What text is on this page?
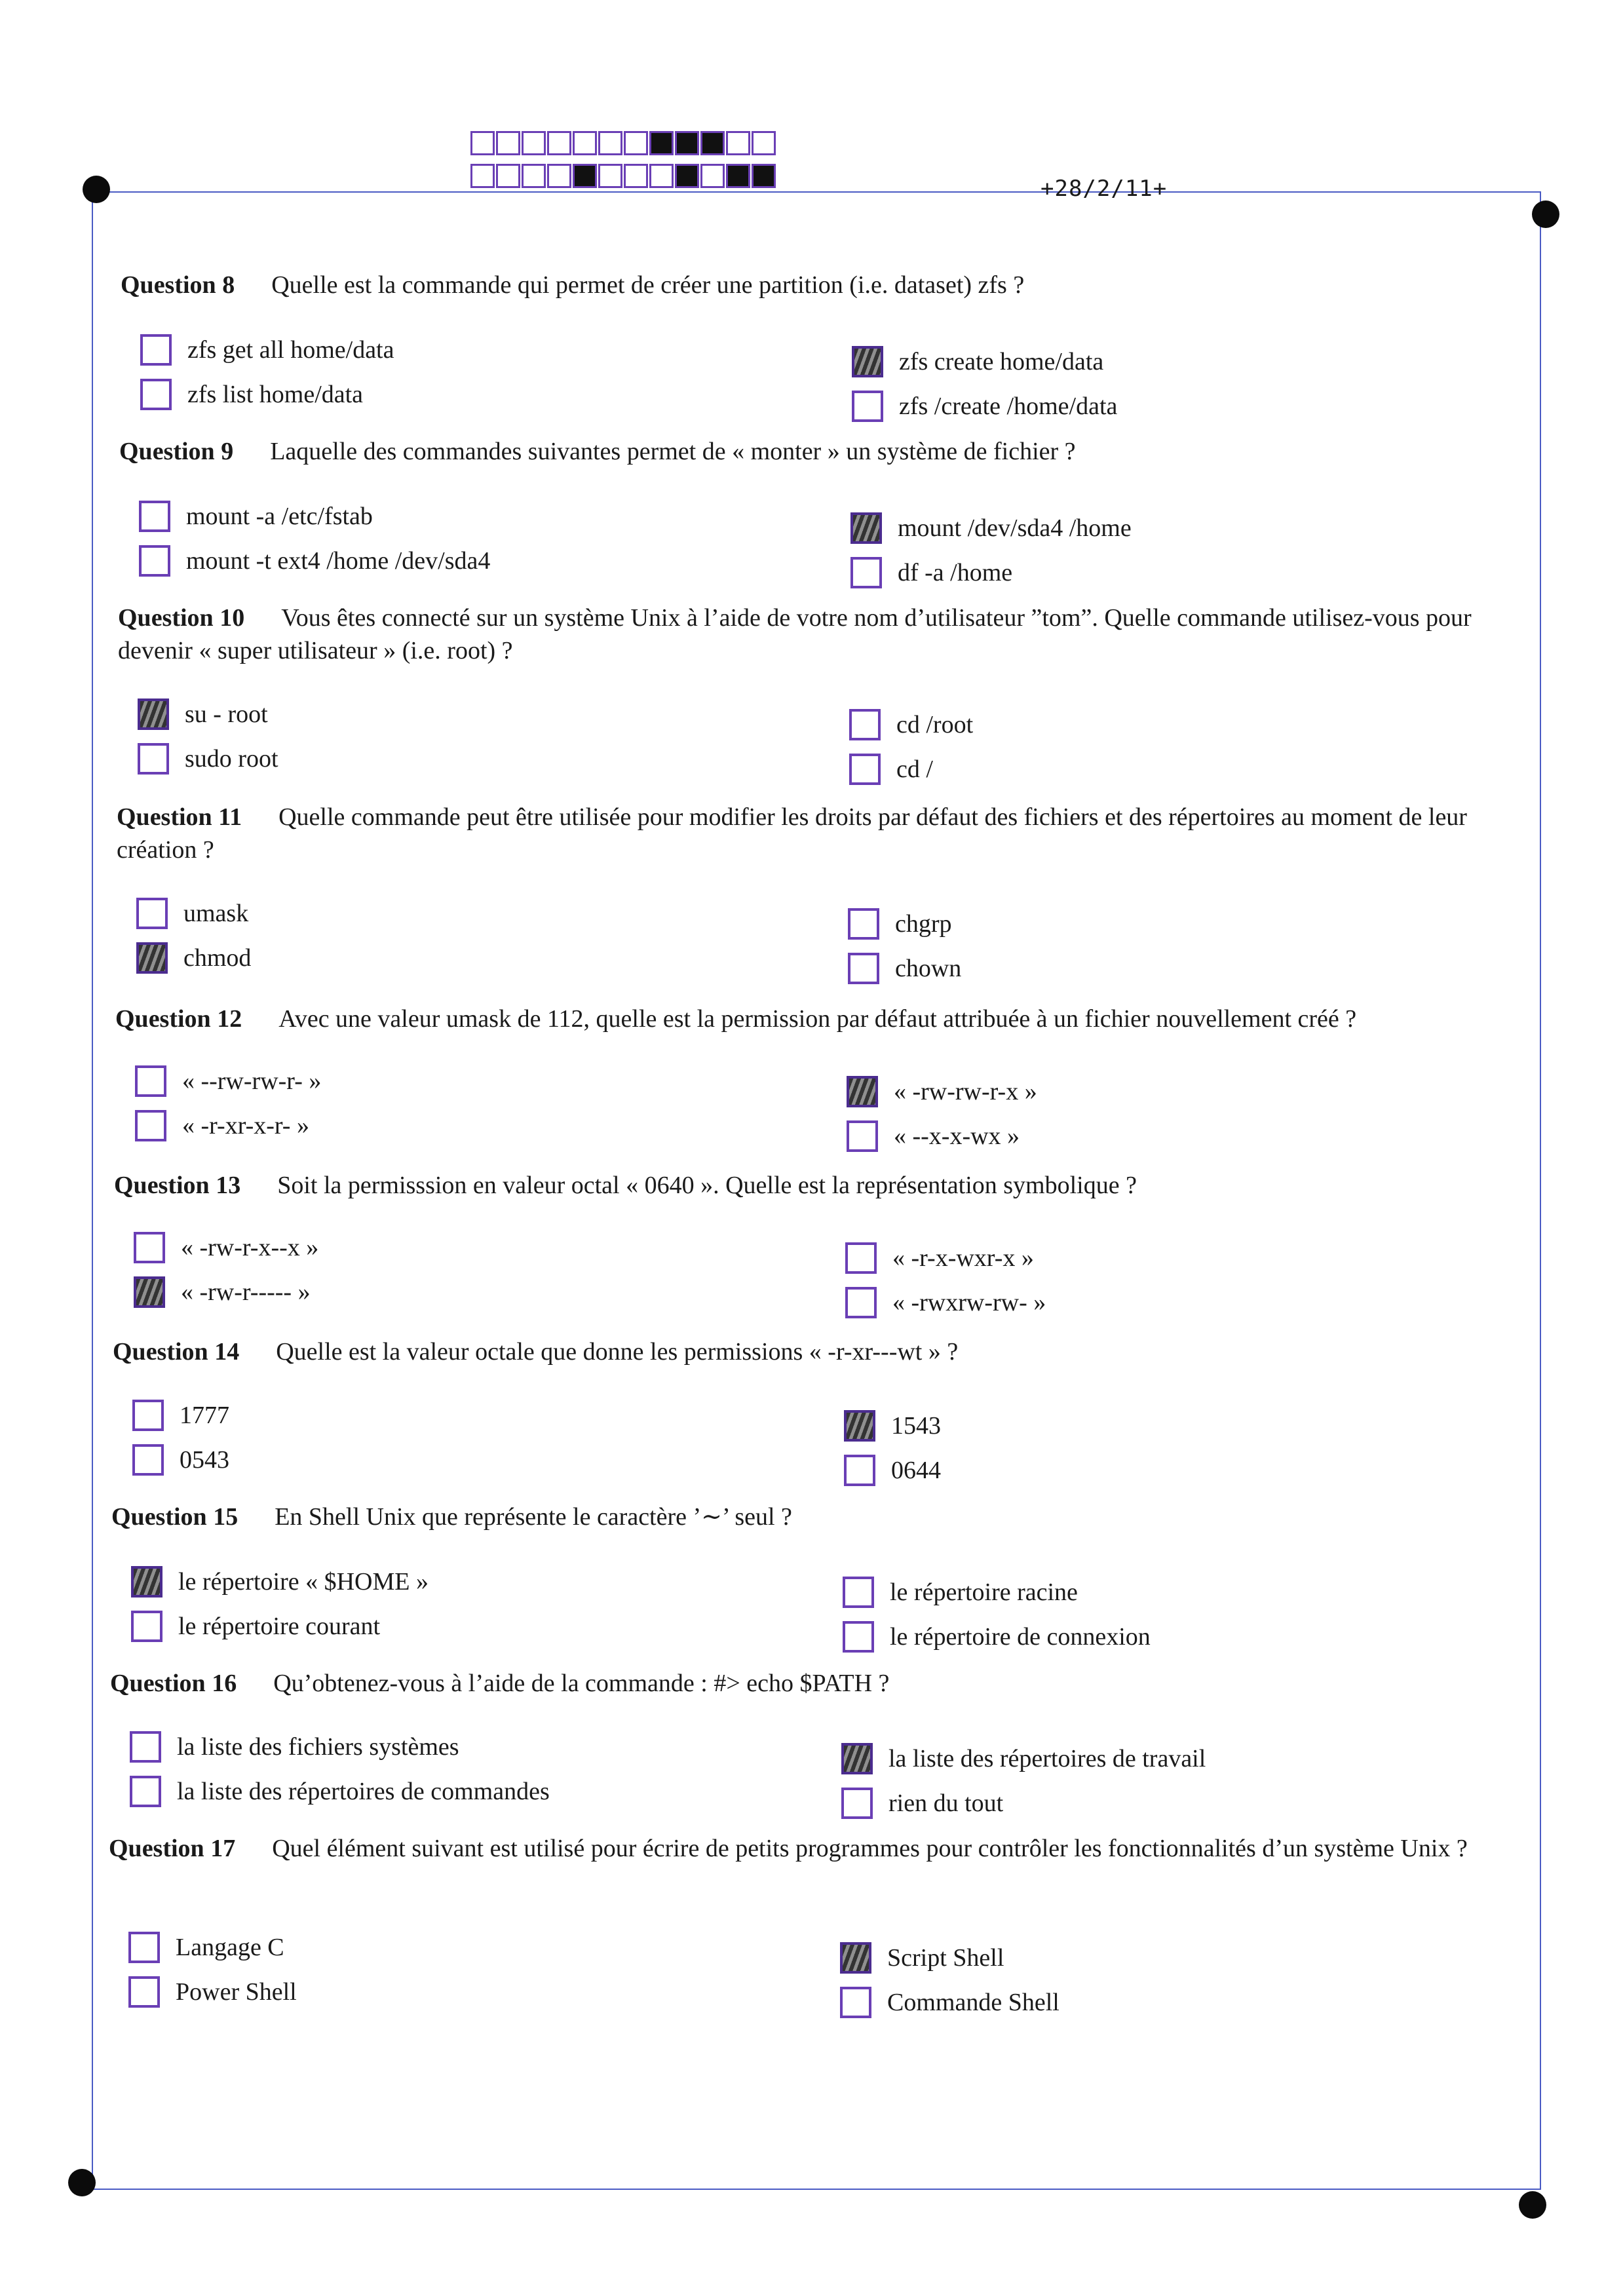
+28/2/11+
Question 8 Quelle est la commande qui permet de créer une partition (i.e. dataset) zfs ?
zfs get all home/data
zfs list home/data
zfs create home/data
zfs /create /home/data
Question 9 Laquelle des commandes suivantes permet de « monter » un système de fichier ?
mount -a /etc/fstab
mount -t ext4 /home /dev/sda4
mount /dev/sda4 /home
df -a /home
Question 10 Vous êtes connecté sur un système Unix à l’aide de votre nom d’utilisateur ”tom”. Quelle commande utilisez-vous pour devenir « super utilisateur » (i.e. root) ?
su - root
sudo root
cd /root
cd /
Question 11 Quelle commande peut être utilisée pour modifier les droits par défaut des fichiers et des répertoires au moment de leur création ?
umask
chmod
chgrp
chown
Question 12 Avec une valeur umask de 112, quelle est la permission par défaut attribuée à un fichier nouvellement créé ?
« --rw-rw-r- »
« -r-xr-x-r- »
« -rw-rw-r-x »
« --x-x-wx »
Question 13 Soit la permisssion en valeur octal « 0640 ». Quelle est la représentation symbolique ?
« -rw-r-x--x »
« -rw-r----- »
« -r-x-wxr-x »
« -rwxrw-rw- »
Question 14 Quelle est la valeur octale que donne les permissions « -r-xr---wt » ?
1777
0543
1543
0644
Question 15 En Shell Unix que représente le caractère ’∼’ seul ?
le répertoire « $HOME »
le répertoire courant
le répertoire racine
le répertoire de connexion
Question 16 Qu’obtenez-vous à l’aide de la commande : #> echo $PATH ?
la liste des fichiers systèmes
la liste des répertoires de commandes
la liste des répertoires de travail
rien du tout
Question 17 Quel élément suivant est utilisé pour écrire de petits programmes pour contrôler les fonctionnalités d’un système Unix ?
Langage C
Power Shell
Script Shell
Commande Shell
